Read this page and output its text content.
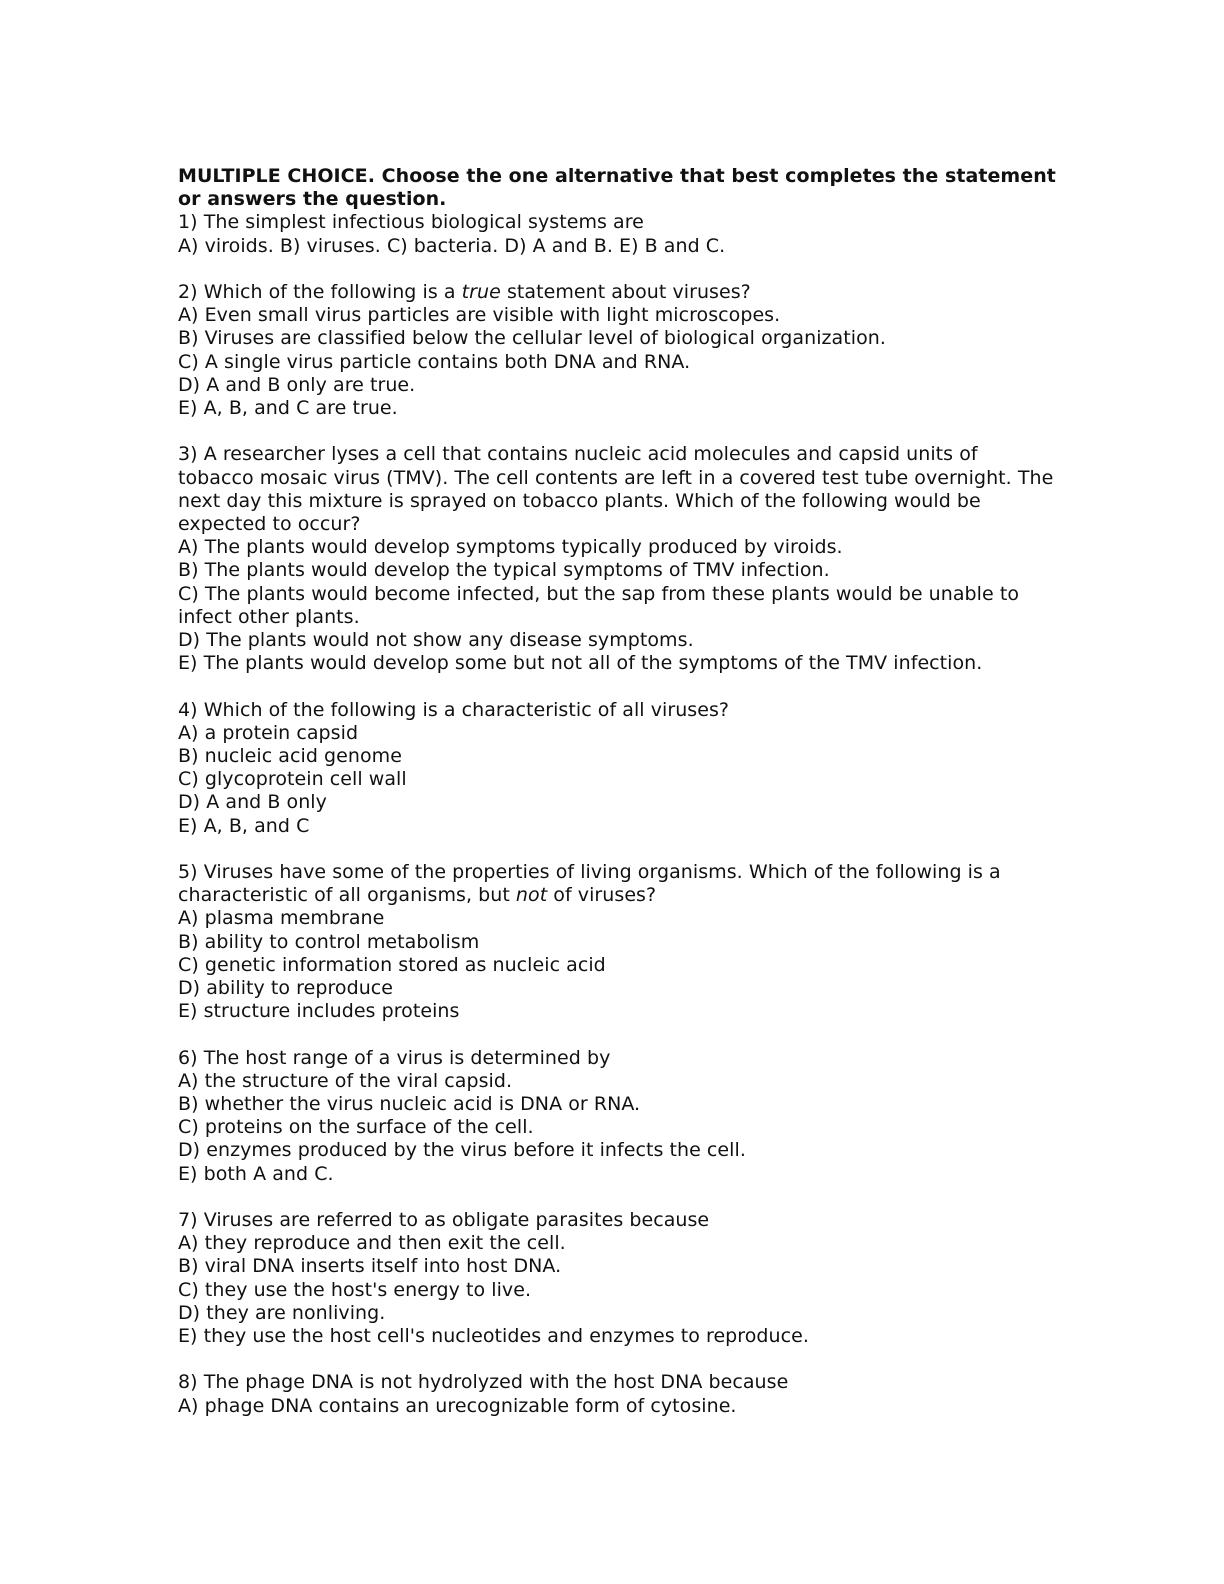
MULTIPLE CHOICE. Choose the one alternative that best completes the statement or answers the question.

1) The simplest infectious biological systems are
A) viroids. B) viruses. C) bacteria. D) A and B. E) B and C.
2) Which of the following is a true statement about viruses?
A) Even small virus particles are visible with light microscopes.
B) Viruses are classified below the cellular level of biological organization.
C) A single virus particle contains both DNA and RNA.
D) A and B only are true.
E) A, B, and C are true.
3) A researcher lyses a cell that contains nucleic acid molecules and capsid units of tobacco mosaic virus (TMV). The cell contents are left in a covered test tube overnight. The next day this mixture is sprayed on tobacco plants. Which of the following would be expected to occur?
A) The plants would develop symptoms typically produced by viroids.
B) The plants would develop the typical symptoms of TMV infection.
C) The plants would become infected, but the sap from these plants would be unable to infect other plants.
D) The plants would not show any disease symptoms.
E) The plants would develop some but not all of the symptoms of the TMV infection.
4) Which of the following is a characteristic of all viruses?
A) a protein capsid
B) nucleic acid genome
C) glycoprotein cell wall
D) A and B only
E) A, B, and C
5) Viruses have some of the properties of living organisms. Which of the following is a characteristic of all organisms, but not of viruses?
A) plasma membrane
B) ability to control metabolism
C) genetic information stored as nucleic acid
D) ability to reproduce
E) structure includes proteins
6) The host range of a virus is determined by
A) the structure of the viral capsid.
B) whether the virus nucleic acid is DNA or RNA.
C) proteins on the surface of the cell.
D) enzymes produced by the virus before it infects the cell.
E) both A and C.
7) Viruses are referred to as obligate parasites because
A) they reproduce and then exit the cell.
B) viral DNA inserts itself into host DNA.
C) they use the host's energy to live.
D) they are nonliving.
E) they use the host cell's nucleotides and enzymes to reproduce.
8) The phage DNA is not hydrolyzed with the host DNA because
A) phage DNA contains an urecognizable form of cytosine.
